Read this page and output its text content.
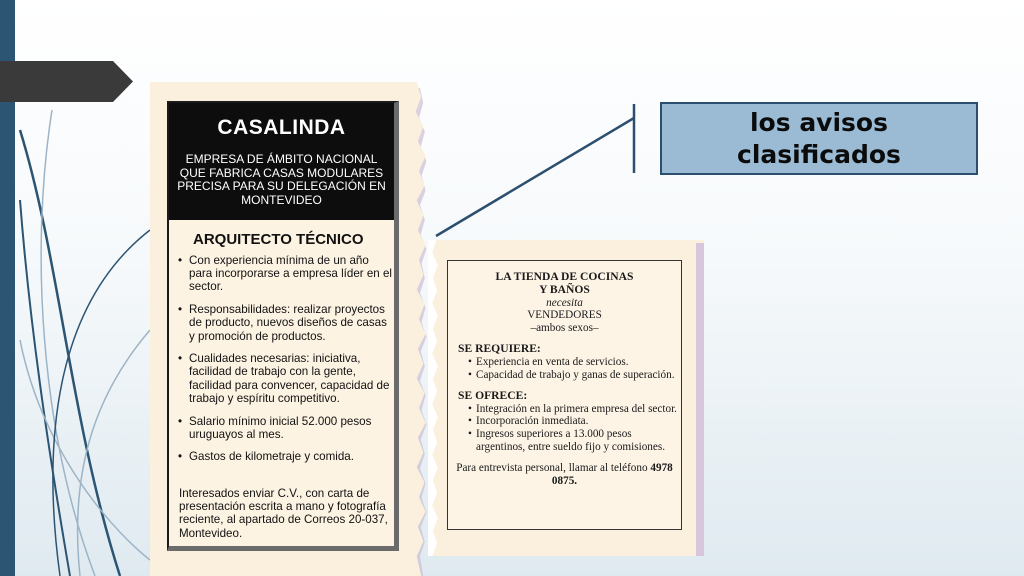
CASALINDA
EMPRESA DE ÁMBITO NACIONAL QUE FABRICA CASAS MODULARES PRECISA PARA SU DELEGACIÓN EN MONTEVIDEO
ARQUITECTO TÉCNICO
• Con experiencia mínima de un año para incorporarse a empresa líder en el sector.
• Responsabilidades: realizar proyectos de producto, nuevos diseños de casas y promoción de productos.
• Cualidades necesarias: iniciativa, facilidad de trabajo con la gente, facilidad para convencer, capacidad de trabajo y espíritu competitivo.
• Salario mínimo inicial 52.000 pesos uruguayos al mes.
• Gastos de kilometraje y comida.
Interesados enviar C.V., con carta de presentación escrita a mano y fotografía reciente, al apartado de Correos 20-037, Montevideo.
LA TIENDA DE COCINAS
Y BAÑOS
necesita
VENDEDORES
–ambos sexos–
SE REQUIERE:
• Experiencia en venta de servicios.
• Capacidad de trabajo y ganas de superación.
SE OFRECE:
• Integración en la primera empresa del sector.
• Incorporación inmediata.
• Ingresos superiores a 13.000 pesos argentinos, entre sueldo fijo y comisiones.
Para entrevista personal, llamar al teléfono 4978 0875.
los avisos clasificados
